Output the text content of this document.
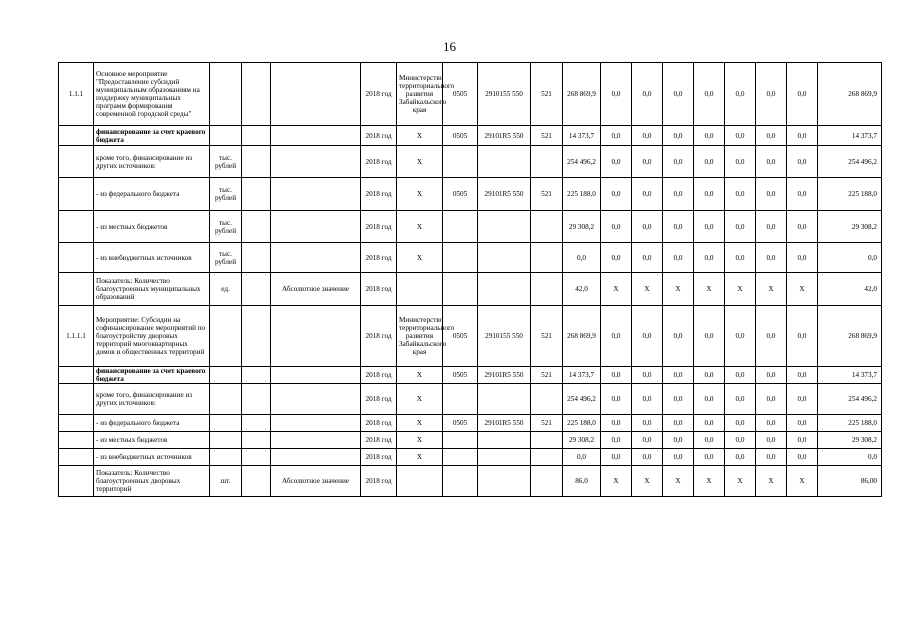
16
1.1.1	Основное мероприятие "Предоставление субсидий муниципальным образованиям на поддержку муниципальных программ формирования современной городской среды"				2018 год	Министерство территориального развития Забайкальского края	0505	2910155 550	521	268 869,9	0,0	0,0	0,0	0,0	0,0	0,0	0,0	268 869,9
	финансирование за счет краевого бюджета				2018 год	X	0505	29101R5 550	521	14 373,7	0,0	0,0	0,0	0,0	0,0	0,0	0,0	14 373,7
	кроме того, финансирование из других источников:	тыс. рублей			2018 год	X				254 496,2	0,0	0,0	0,0	0,0	0,0	0,0	0,0	254 496,2
	- из федерального бюджета	тыс. рублей			2018 год	X	0505	29101R5 550	521	225 188,0	0,0	0,0	0,0	0,0	0,0	0,0	0,0	225 188,0
	- из местных бюджетов	тыс. рублей			2018 год	X				29 308,2	0,0	0,0	0,0	0,0	0,0	0,0	0,0	29 308,2
	- из внебюджетных источников	тыс. рублей			2018 год	X				0,0	0,0	0,0	0,0	0,0	0,0	0,0	0,0	0,0
	Показатель: Количество благоустроенных муниципальных образований	ед.		Абсолютное значение	2018 год					42,0	X	X	X	X	X	X	X	42,0
1.1.1.1	Мероприятие: Субсидии на софинансирование мероприятий по благоустройству дворовых территорий многоквартирных домов и общественных территорий				2018 год	Министерство территориального развития Забайкальского края	0505	2910155 550	521	268 869,9	0,0	0,0	0,0	0,0	0,0	0,0	0,0	268 869,9
	финансирование за счет краевого бюджета				2018 год	X	0505	29101R5 550	521	14 373,7	0,0	0,0	0,0	0,0	0,0	0,0	0,0	14 373,7
	кроме того, финансирование из других источников:				2018 год	X				254 496,2	0,0	0,0	0,0	0,0	0,0	0,0	0,0	254 496,2
	- из федерального бюджета				2018 год	X	0505	29101R5 550	521	225 188,0	0,0	0,0	0,0	0,0	0,0	0,0	0,0	225 188,0
	- из местных бюджетов				2018 год	X				29 308,2	0,0	0,0	0,0	0,0	0,0	0,0	0,0	29 308,2
	- из внебюджетных источников				2018 год	X				0,0	0,0	0,0	0,0	0,0	0,0	0,0	0,0	0,0
	Показатель: Количество благоустроенных дворовых территорий	шт.		Абсолютное значение	2018 год					86,0	X	X	X	X	X	X	X	86,00
